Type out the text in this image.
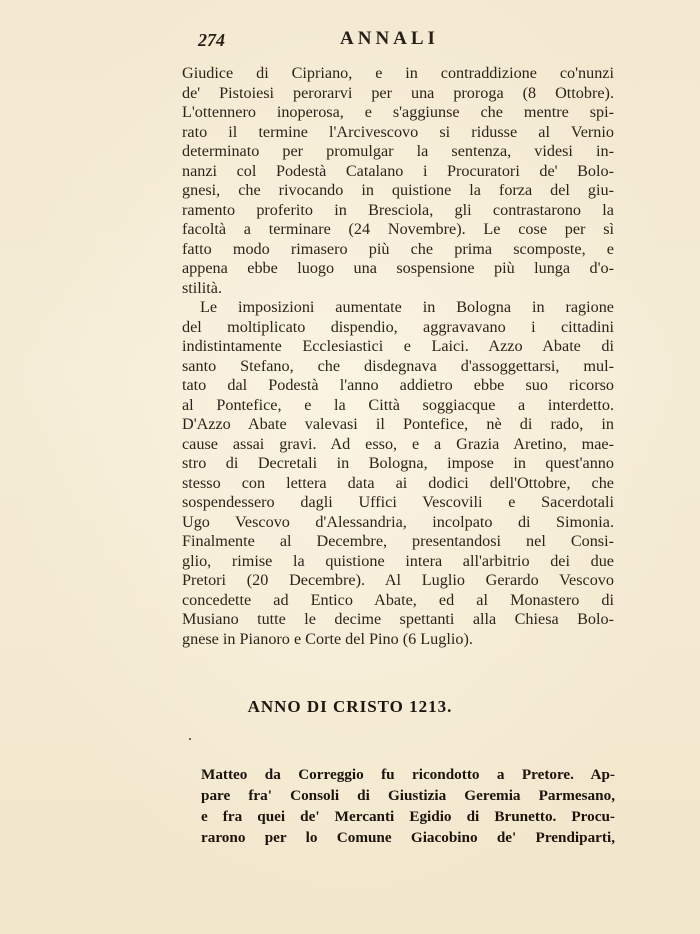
274	ANNALI
Giudice di Cipriano, e in contraddizione co'nunzi
de' Pistoiesi perorarvi per una proroga (8 Ottobre).
L'ottennero inoperosa, e s'aggiunse che mentre spi-
rato il termine l'Arcivescovo si ridusse al Vernio
determinato per promulgar la sentenza, videsi in-
nanzi col Podestà Catalano i Procuratori de' Bolo-
gnesi, che rivocando in quistione la forza del giu-
ramento proferito in Bresciola, gli contrastarono la
facoltà a terminare (24 Novembre). Le cose per sì
fatto modo rimasero più che prima scomposte, e
appena ebbe luogo una sospensione più lunga d'o-
stilità.
Le imposizioni aumentate in Bologna in ragione
del moltiplicato dispendio, aggravavano i cittadini
indistintamente Ecclesiastici e Laici. Azzo Abate di
santo Stefano, che disdegnava d'assoggettarsi, mul-
tato dal Podestà l'anno addietro ebbe suo ricorso
al Pontefice, e la Città soggiacque a interdetto.
D'Azzo Abate valevasi il Pontefice, nè di rado, in
cause assai gravi. Ad esso, e a Grazia Aretino, mae-
stro di Decretali in Bologna, impose in quest'anno
stesso con lettera data ai dodici dell'Ottobre, che
sospendessero dagli Uffici Vescovili e Sacerdotali
Ugo Vescovo d'Alessandria, incolpato di Simonia.
Finalmente al Decembre, presentandosi nel Consi-
glio, rimise la quistione intera all'arbitrio dei due
Pretori (20 Decembre). Al Luglio Gerardo Vescovo
concedette ad Entico Abate, ed al Monastero di
Musiano tutte le decime spettanti alla Chiesa Bolo-
gnese in Pianoro e Corte del Pino (6 Luglio).
ANNO DI CRISTO 1213.
Matteo da Correggio fu ricondotto a Pretore. Ap-
pare fra' Consoli di Giustizia Geremia Parmesano,
e fra quei de' Mercanti Egidio di Brunetto. Procu-
rarono per lo Comune Giacobino de' Prendiparti,
